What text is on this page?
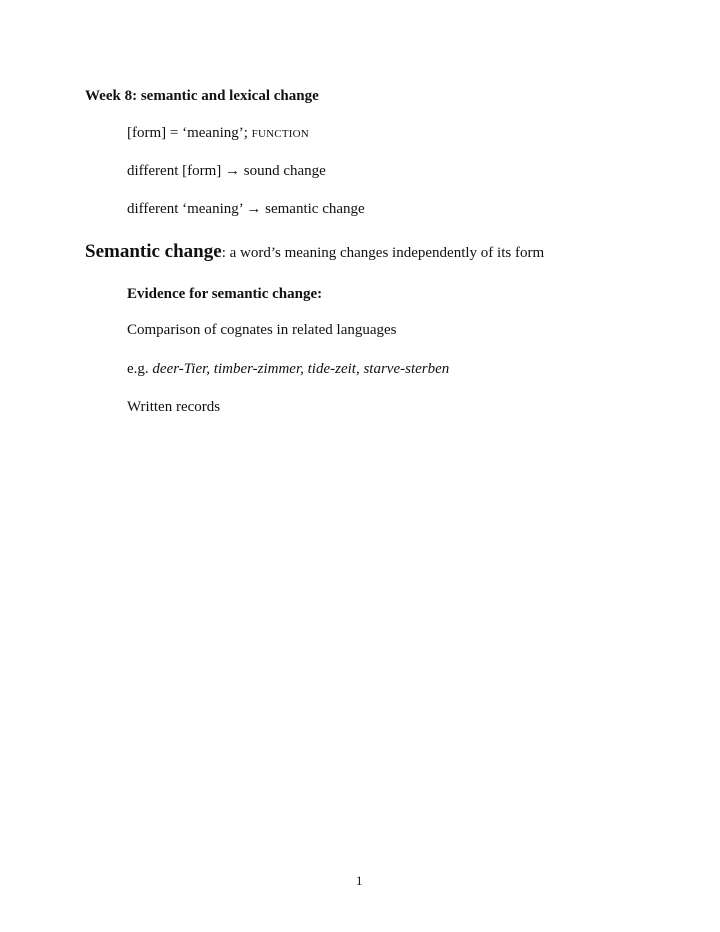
Week 8: semantic and lexical change
[form] = ‘meaning’; FUNCTION
different [form] → sound change
different ‘meaning’ → semantic change
Semantic change: a word’s meaning changes independently of its form
Evidence for semantic change:
Comparison of cognates in related languages
e.g. deer-Tier, timber-zimmer, tide-zeit, starve-sterben
Written records
1
